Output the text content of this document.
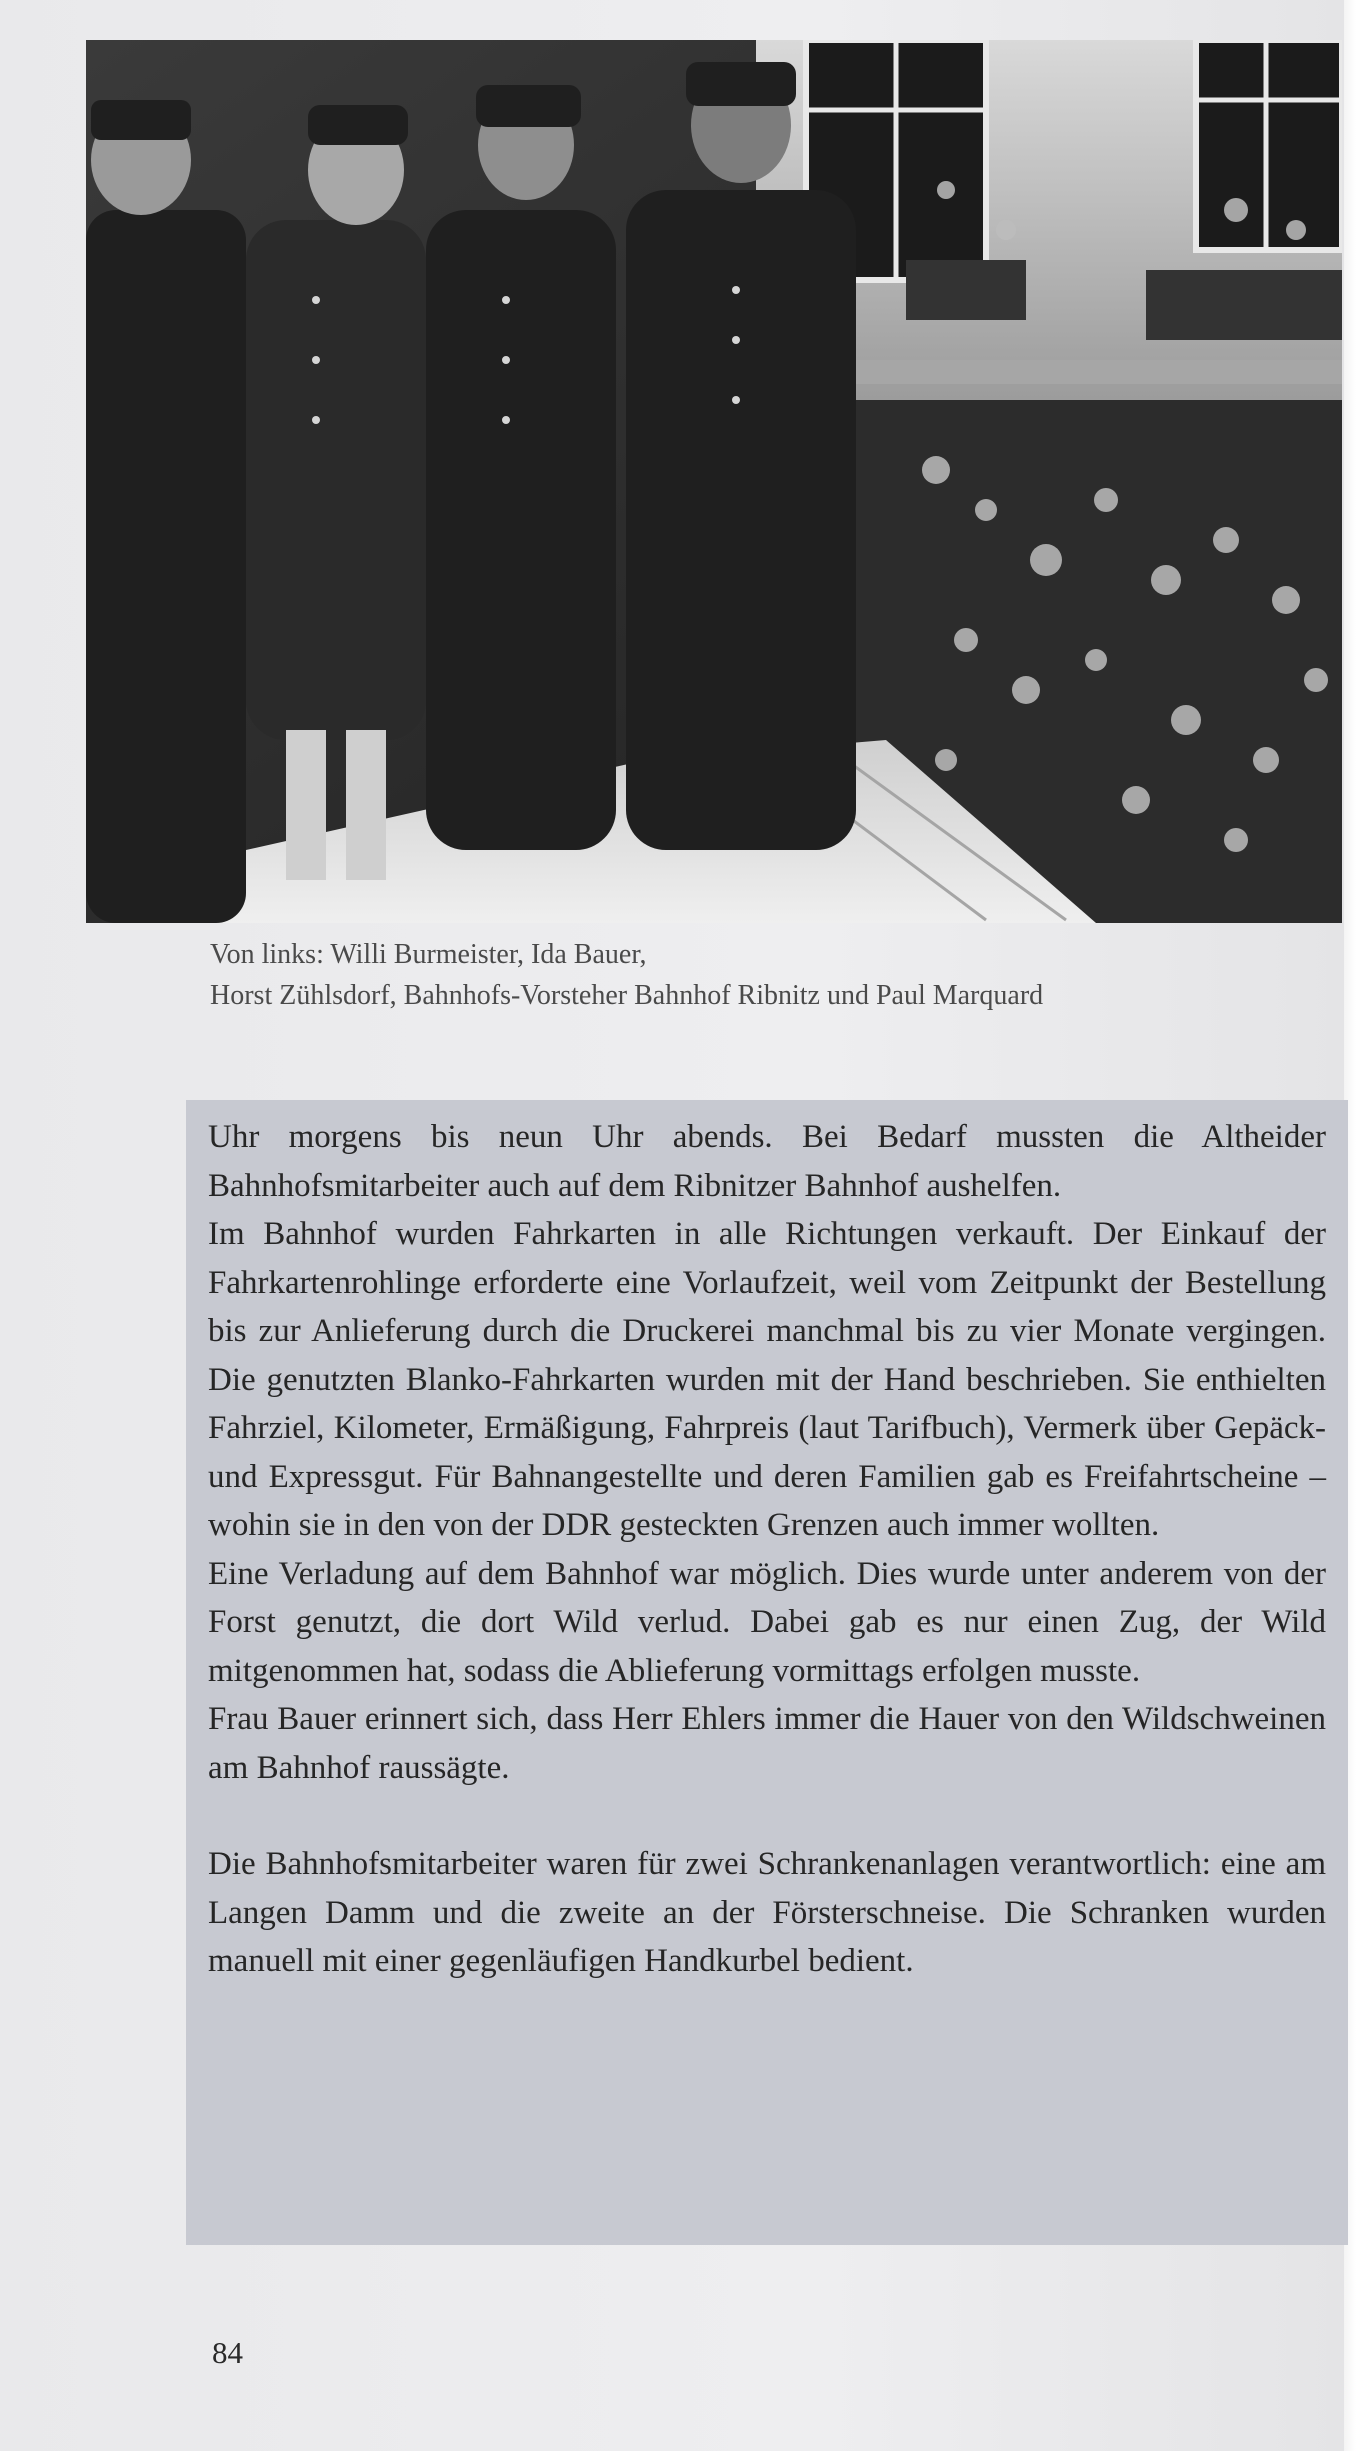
Von links: Willi Burmeister, Ida Bauer,
Horst Zühlsdorf, Bahnhofs-Vorsteher Bahnhof Ribnitz und Paul Marquard

Uhr morgens bis neun Uhr abends. Bei Bedarf mussten die Altheider Bahnhofsmitarbeiter auch auf dem Ribnitzer Bahnhof aushelfen.

Im Bahnhof wurden Fahrkarten in alle Richtungen verkauft. Der Einkauf der Fahrkartenrohlinge erforderte eine Vorlaufzeit, weil vom Zeitpunkt der Bestellung bis zur Anlieferung durch die Druckerei manchmal bis zu vier Monate vergingen. Die genutzten Blanko-Fahrkarten wurden mit der Hand beschrieben. Sie enthielten Fahrziel, Kilometer, Ermäßigung, Fahrpreis (laut Tarifbuch), Vermerk über Gepäck- und Expressgut. Für Bahnangestellte und deren Familien gab es Freifahrtscheine – wohin sie in den von der DDR gesteckten Grenzen auch immer wollten.

Eine Verladung auf dem Bahnhof war möglich. Dies wurde unter anderem von der Forst genutzt, die dort Wild verlud. Dabei gab es nur einen Zug, der Wild mitgenommen hat, sodass die Ablieferung vormittags erfolgen musste.

Frau Bauer erinnert sich, dass Herr Ehlers immer die Hauer von den Wildschweinen am Bahnhof raussägte.

Die Bahnhofsmitarbeiter waren für zwei Schrankenanlagen verantwortlich: eine am Langen Damm und die zweite an der Försterschneise. Die Schranken wurden manuell mit einer gegenläufigen Handkurbel bedient.

84
